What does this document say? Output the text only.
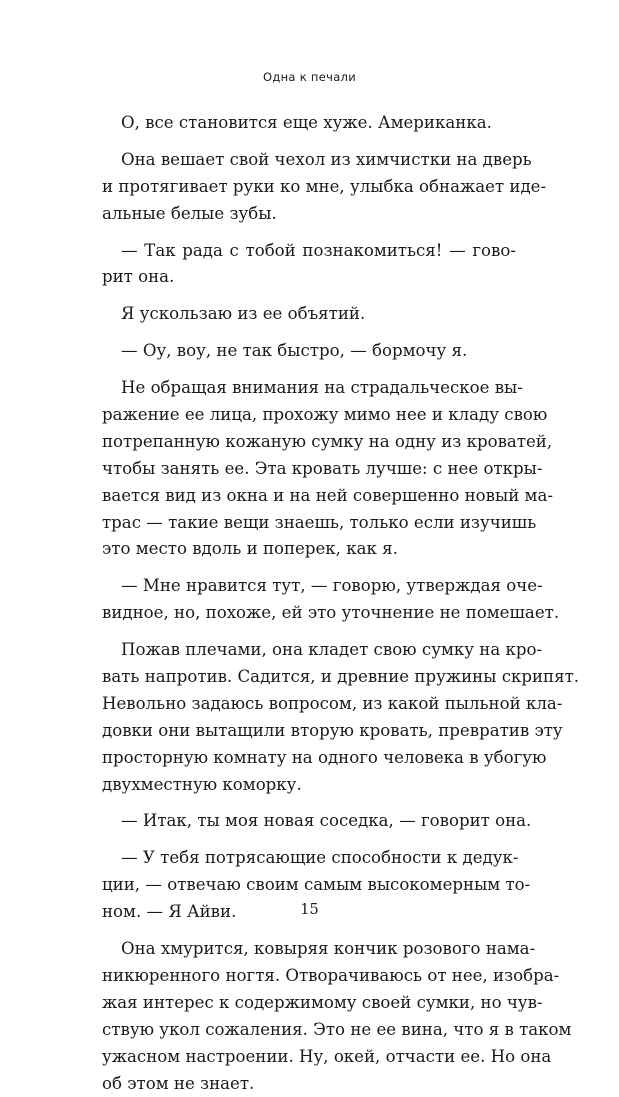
Одна к печали
О, все становится еще хуже. Американка.
Она вешает свой чехол из химчистки на дверь
и протягивает руки ко мне, улыбка обнажает иде-
альные белые зубы.
— Так рада с тобой познакомиться! — гово-
рит она.
Я ускользаю из ее объятий.
— Оу, воу, не так быстро, — бормочу я.
Не обращая внимания на страдальческое вы-
ражение ее лица, прохожу мимо нее и кладу свою
потрепанную кожаную сумку на одну из кроватей,
чтобы занять ее. Эта кровать лучше: с нее откры-
вается вид из окна и на ней совершенно новый ма-
трас — такие вещи знаешь, только если изучишь
это место вдоль и поперек, как я.
— Мне нравится тут, — говорю, утверждая оче-
видное, но, похоже, ей это уточнение не помешает.
Пожав плечами, она кладет свою сумку на кро-
вать напротив. Садится, и древние пружины скрипят.
Невольно задаюсь вопросом, из какой пыльной кла-
довки они вытащили вторую кровать, превратив эту
просторную комнату на одного человека в убогую
двухместную коморку.
— Итак, ты моя новая соседка, — говорит она.
— У тебя потрясающие способности к дедук-
ции, — отвечаю своим самым высокомерным то-
ном. — Я Айви.
Она хмурится, ковыряя кончик розового нама-
никюренного ногтя. Отворачиваюсь от нее, изобра-
жая интерес к содержимому своей сумки, но чув-
ствую укол сожаления. Это не ее вина, что я в таком
ужасном настроении. Ну, окей, отчасти ее. Но она
об этом не знает.
15
